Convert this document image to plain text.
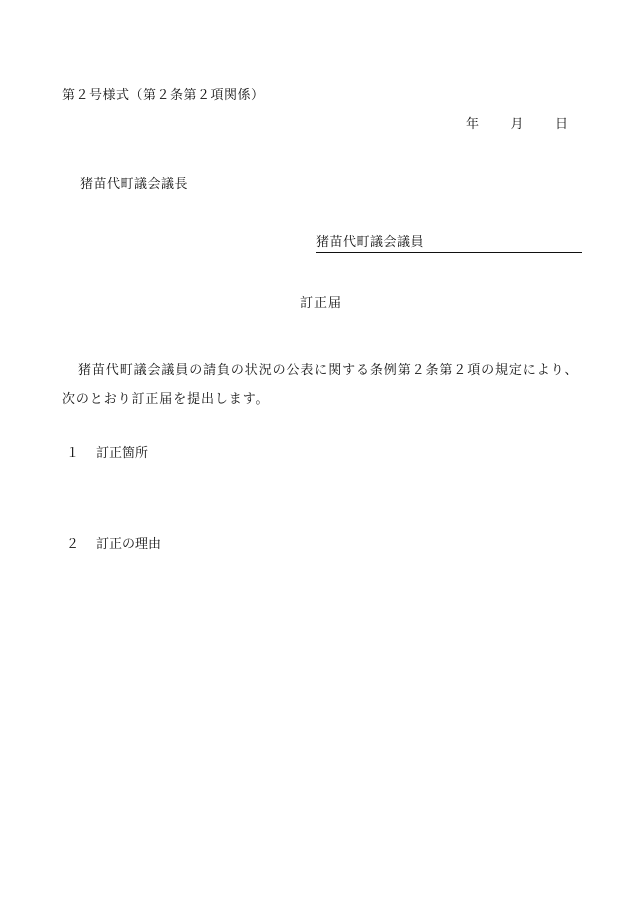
第２号様式（第２条第２項関係）
年 月 日
猪苗代町議会議長
猪苗代町議会議員
訂正届
猪苗代町議会議員の請負の状況の公表に関する条例第２条第２項の規定により、次のとおり訂正届を提出します。
１	訂正箇所
２	訂正の理由
